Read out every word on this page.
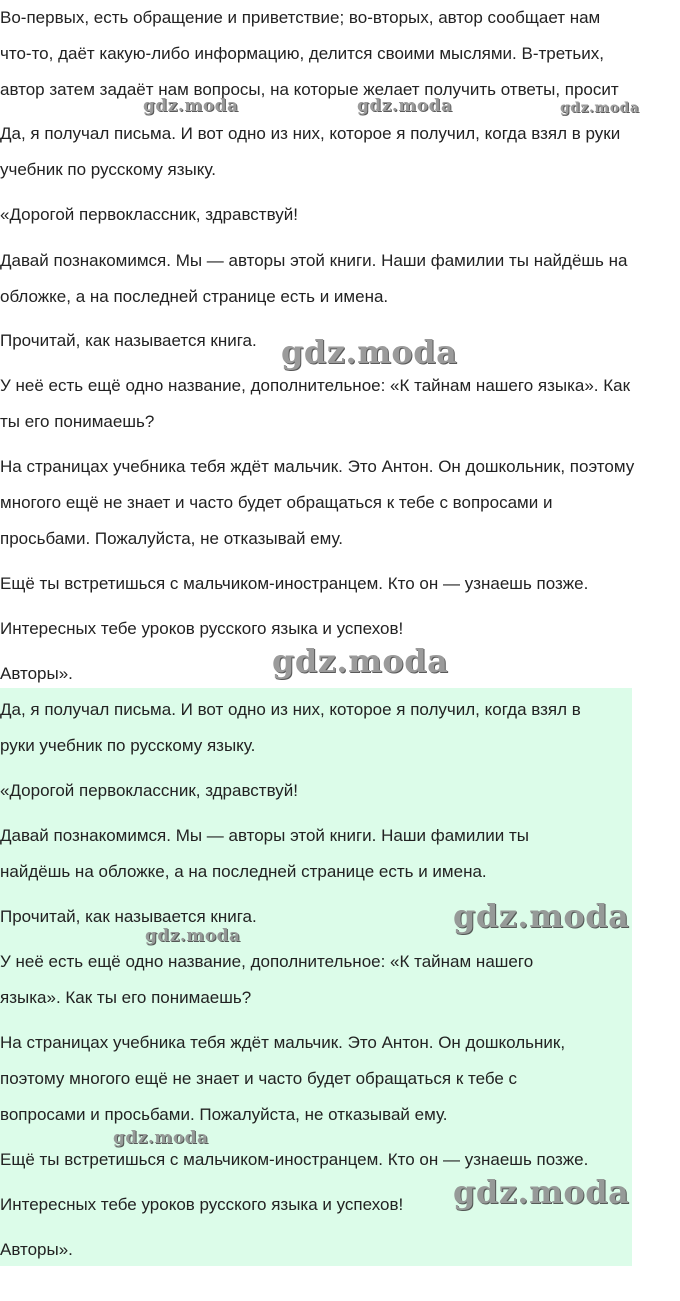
Во-первых, есть обращение и приветствие; во-вторых, автор сообщает нам
что-то, даёт какую-либо информацию, делится своими мыслями. В-третьих,
автор затем задаёт нам вопросы, на которые желает получить ответы, просит
Да, я получал письма. И вот одно из них, которое я получил, когда взял в руки
учебник по русскому языку.
«Дорогой первоклассник, здравствуй!
Давай познакомимся. Мы — авторы этой книги. Наши фамилии ты найдёшь на
обложке, а на последней странице есть и имена.
Прочитай, как называется книга.
У неё есть ещё одно название, дополнительное: «К тайнам нашего языка». Как
ты его понимаешь?
На страницах учебника тебя ждёт мальчик. Это Антон. Он дошкольник, поэтому
многого ещё не знает и часто будет обращаться к тебе с вопросами и
просьбами. Пожалуйста, не отказывай ему.
Ещё ты встретишься с мальчиком-иностранцем. Кто он — узнаешь позже.
Интересных тебе уроков русского языка и успехов!
Авторы».
Да, я получал письма. И вот одно из них, которое я получил, когда взял в
руки учебник по русскому языку.
«Дорогой первоклассник, здравствуй!
Давай познакомимся. Мы — авторы этой книги. Наши фамилии ты
найдёшь на обложке, а на последней странице есть и имена.
Прочитай, как называется книга.
У неё есть ещё одно название, дополнительное: «К тайнам нашего
языка». Как ты его понимаешь?
На страницах учебника тебя ждёт мальчик. Это Антон. Он дошкольник,
поэтому многого ещё не знает и часто будет обращаться к тебе с
вопросами и просьбами. Пожалуйста, не отказывай ему.
Ещё ты встретишься с мальчиком-иностранцем. Кто он — узнаешь позже.
Интересных тебе уроков русского языка и успехов!
Авторы».
gdz.moda	gdz.moda	gdz.moda
gdz.moda
gdz.moda
gdz.moda
gdz.moda
gdz.moda
gdz.moda
